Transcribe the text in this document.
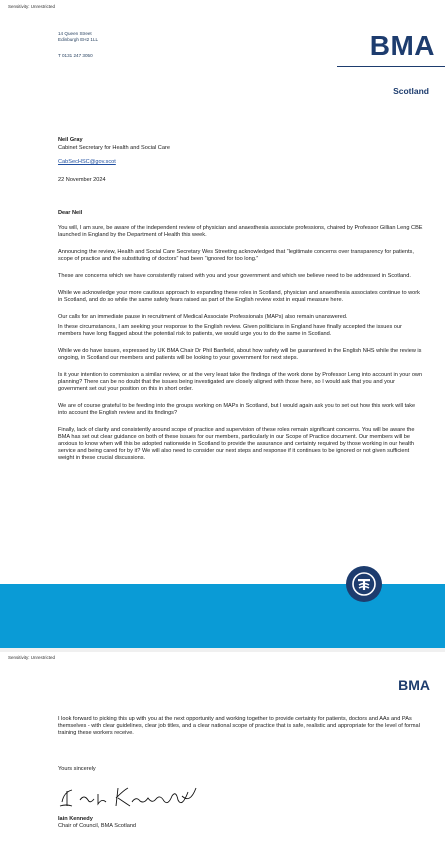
Sensitivity: Unrestricted
14 Queen Street
Edinburgh EH2 1LL
T 0131 247 3050	BMA
Scotland
Neil Gray
Cabinet Secretary for Health and Social Care
CabSecHSC@gov.scot
22 November 2024

Dear Neil

You will, I am sure, be aware of the independent review of physician and anaesthesia associate professions, chaired by Professor Gillian Leng CBE launched in England by the Department of Health this week.

Announcing the review, Health and Social Care Secretary Wes Streeting acknowledged that “legitimate concerns over transparency for patients, scope of practice and the substituting of doctors” had been “ignored for too long.”

These are concerns which we have consistently raised with you and your government and which we believe need to be addressed in Scotland.

While we acknowledge your more cautious approach to expanding these roles in Scotland, physician and anaesthesia associates continue to work in Scotland, and do so while the same safety fears raised as part of the English review exist in equal measure here.

Our calls for an immediate pause in recruitment of Medical Associate Professionals (MAPs) also remain unanswered.

In these circumstances, I am seeking your response to the English review. Given politicians in England have finally accepted the issues our members have long flagged about the potential risk to patients, we would urge you to do the same in Scotland.

While we do have issues, expressed by UK BMA Chair Dr Phil Banfield, about how safety will be guaranteed in the English NHS while the review is ongoing, in Scotland our members and patients will be looking to your government for next steps.

Is it your intention to commission a similar review, or at the very least take the findings of the work done by Professor Leng into account in your own planning? There can be no doubt that the issues being investigated are closely aligned with those here, so I would ask that you and your government set out your position on this in short order.

We are of course grateful to be feeding into the groups working on MAPs in Scotland, but I would again ask you to set out how this work will take into account the English review and its findings?

Finally, lack of clarity and consistently around scope of practice and supervision of these roles remain significant concerns. You will be aware the BMA has set out clear guidance on both of these issues for our members, particularly in our Scope of Practice document. Our members will be anxious to know when will this be adopted nationwide in Scotland to provide the assurance and certainty required by those working in our health service and being cared for by it? We will also need to consider our next steps and response if it continues to be ignored or not given sufficient weight in these crucial discussions.

Sensitivity: Unrestricted
BMA
I look forward to picking this up with you at the next opportunity and working together to provide certainty for patients, doctors and AAs and PAs themselves - with clear guidelines, clear job titles, and a clear national scope of practice that is safe, realistic and appropriate for the level of formal training these workers receive.
Yours sincerely
Iain Kennedy
Chair of Council, BMA Scotland
